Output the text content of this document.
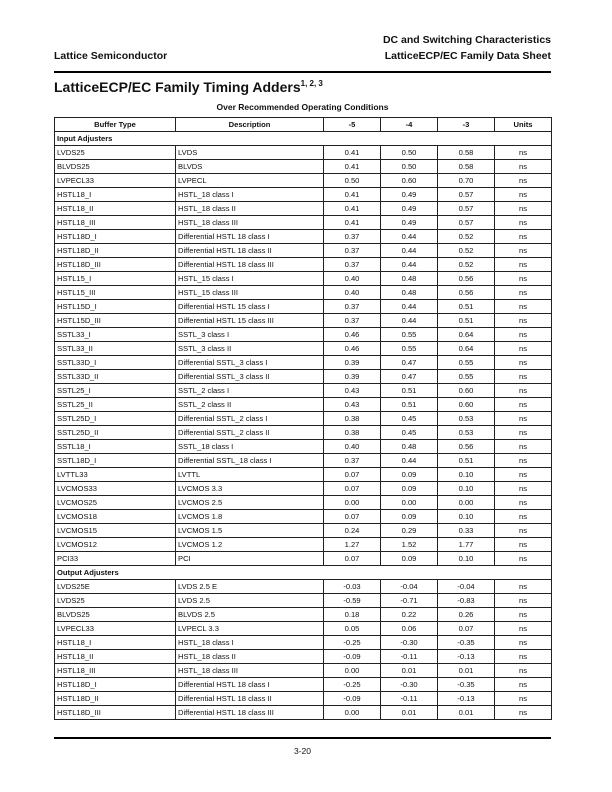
Lattice Semiconductor
DC and Switching Characteristics
LatticeECP/EC Family Data Sheet
LatticeECP/EC Family Timing Adders$^{1, 2, 3}$
Over Recommended Operating Conditions
Buffer Type	Description	-5	-4	-3	Units
Input Adjusters					
LVDS25	LVDS	0.41	0.50	0.58	ns
BLVDS25	BLVDS	0.41	0.50	0.58	ns
LVPECL33	LVPECL	0.50	0.60	0.70	ns
HSTL18_I	HSTL_18 class I	0.41	0.49	0.57	ns
HSTL18_II	HSTL_18 class II	0.41	0.49	0.57	ns
HSTL18_III	HSTL_18 class III	0.41	0.49	0.57	ns
HSTL18D_I	Differential HSTL 18 class I	0.37	0.44	0.52	ns
HSTL18D_II	Differential HSTL 18 class II	0.37	0.44	0.52	ns
HSTL18D_III	Differential HSTL 18 class III	0.37	0.44	0.52	ns
HSTL15_I	HSTL_15 class I	0.40	0.48	0.56	ns
HSTL15_III	HSTL_15 class III	0.40	0.48	0.56	ns
HSTL15D_I	Differential HSTL 15 class I	0.37	0.44	0.51	ns
HSTL15D_III	Differential HSTL 15 class III	0.37	0.44	0.51	ns
SSTL33_I	SSTL_3 class I	0.46	0.55	0.64	ns
SSTL33_II	SSTL_3 class II	0.46	0.55	0.64	ns
SSTL33D_I	Differential SSTL_3 class I	0.39	0.47	0.55	ns
SSTL33D_II	Differential SSTL_3 class II	0.39	0.47	0.55	ns
SSTL25_I	SSTL_2 class I	0.43	0.51	0.60	ns
SSTL25_II	SSTL_2 class II	0.43	0.51	0.60	ns
SSTL25D_I	Differential SSTL_2 class I	0.38	0.45	0.53	ns
SSTL25D_II	Differential SSTL_2 class II	0.38	0.45	0.53	ns
SSTL18_I	SSTL_18 class I	0.40	0.48	0.56	ns
SSTL18D_I	Differential SSTL_18 class I	0.37	0.44	0.51	ns
LVTTL33	LVTTL	0.07	0.09	0.10	ns
LVCMOS33	LVCMOS 3.3	0.07	0.09	0.10	ns
LVCMOS25	LVCMOS 2.5	0.00	0.00	0.00	ns
LVCMOS18	LVCMOS 1.8	0.07	0.09	0.10	ns
LVCMOS15	LVCMOS 1.5	0.24	0.29	0.33	ns
LVCMOS12	LVCMOS 1.2	1.27	1.52	1.77	ns
PCI33	PCI	0.07	0.09	0.10	ns
Output Adjusters					
LVDS25E	LVDS 2.5 E	-0.03	-0.04	-0.04	ns
LVDS25	LVDS 2.5	-0.59	-0.71	-0.83	ns
BLVDS25	BLVDS 2.5	0.18	0.22	0.26	ns
LVPECL33	LVPECL 3.3	0.05	0.06	0.07	ns
HSTL18_I	HSTL_18 class I	-0.25	-0.30	-0.35	ns
HSTL18_II	HSTL_18 class II	-0.09	-0.11	-0.13	ns
HSTL18_III	HSTL_18 class III	0.00	0.01	0.01	ns
HSTL18D_I	Differential HSTL 18 class I	-0.25	-0.30	-0.35	ns
HSTL18D_II	Differential HSTL 18 class II	-0.09	-0.11	-0.13	ns
HSTL18D_III	Differential HSTL 18 class III	0.00	0.01	0.01	ns
3-20
